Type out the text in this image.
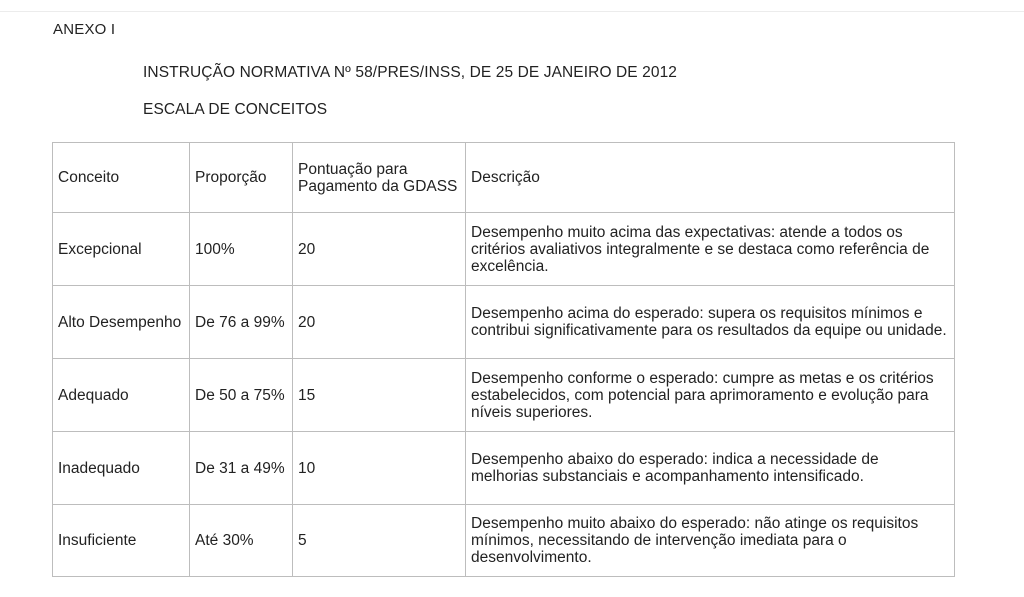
ANEXO I
INSTRUÇÃO NORMATIVA Nº 58/PRES/INSS, DE 25 DE JANEIRO DE 2012
ESCALA DE CONCEITOS
Conceito	Proporção	Pontuação para Pagamento da GDASS	Descrição
Excepcional	100%	20	Desempenho muito acima das expectativas: atende a todos os critérios avaliativos integralmente e se destaca como referência de excelência.
Alto Desempenho	De 76 a 99%	20	Desempenho acima do esperado: supera os requisitos mínimos e contribui significativamente para os resultados da equipe ou unidade.
Adequado	De 50 a 75%	15	Desempenho conforme o esperado: cumpre as metas e os critérios estabelecidos, com potencial para aprimoramento e evolução para níveis superiores.
Inadequado	De 31 a 49%	10	Desempenho abaixo do esperado: indica a necessidade de melhorias substanciais e acompanhamento intensificado.
Insuficiente	Até 30%	5	Desempenho muito abaixo do esperado: não atinge os requisitos mínimos, necessitando de intervenção imediata para o desenvolvimento.
